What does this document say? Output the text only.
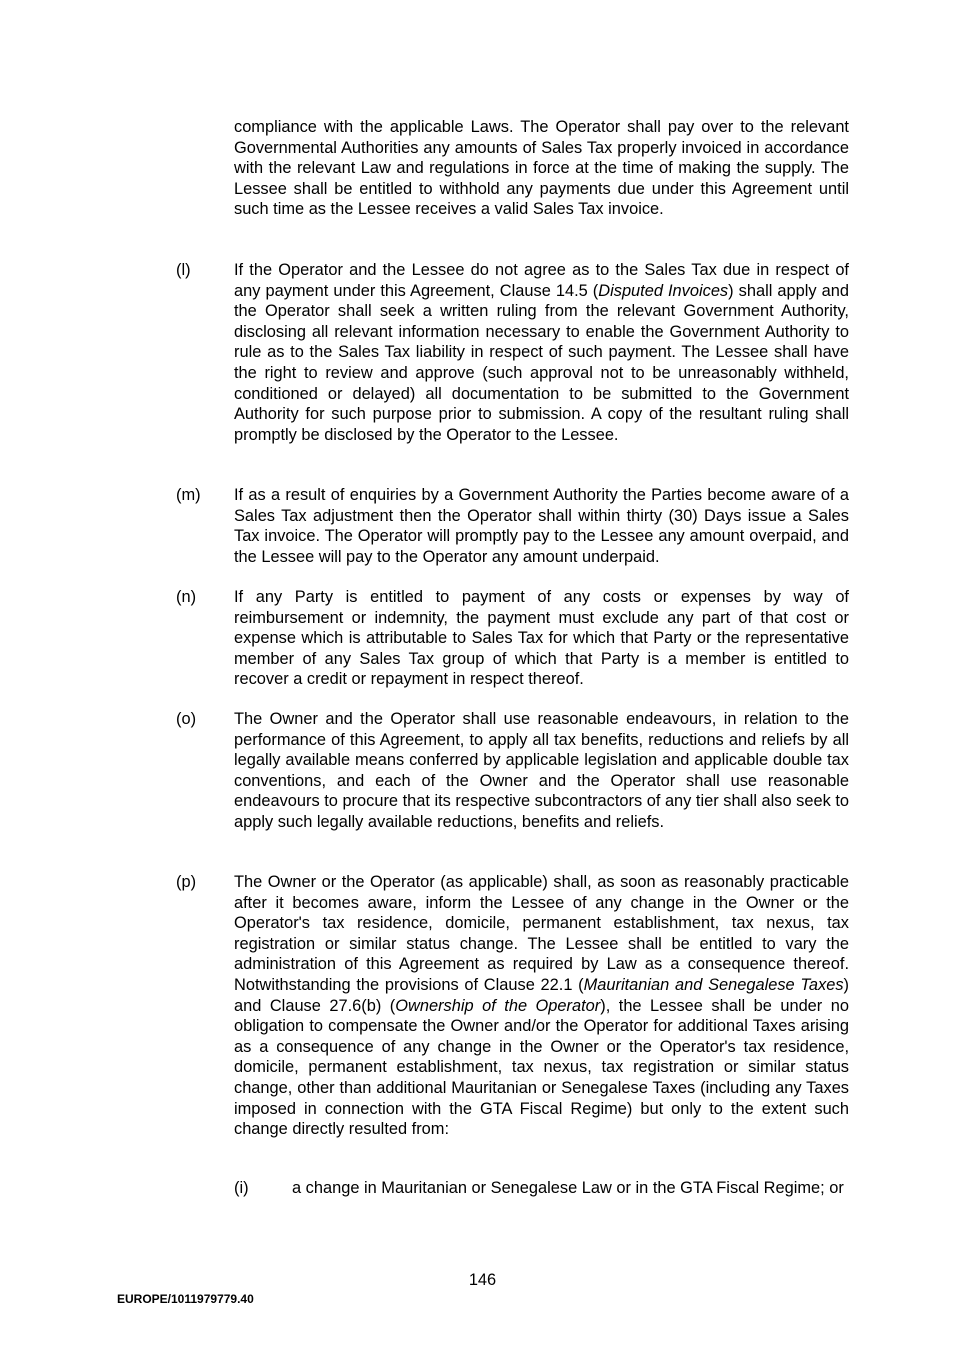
compliance with the applicable Laws. The Operator shall pay over to the relevant Governmental Authorities any amounts of Sales Tax properly invoiced in accordance with the relevant Law and regulations in force at the time of making the supply. The Lessee shall be entitled to withhold any payments due under this Agreement until such time as the Lessee receives a valid Sales Tax invoice.

(l)	If the Operator and the Lessee do not agree as to the Sales Tax due in respect of any payment under this Agreement, Clause 14.5 (Disputed Invoices) shall apply and the Operator shall seek a written ruling from the relevant Government Authority, disclosing all relevant information necessary to enable the Government Authority to rule as to the Sales Tax liability in respect of such payment. The Lessee shall have the right to review and approve (such approval not to be unreasonably withheld, conditioned or delayed) all documentation to be submitted to the Government Authority for such purpose prior to submission. A copy of the resultant ruling shall promptly be disclosed by the Operator to the Lessee.

(m) If as a result of enquiries by a Government Authority the Parties become aware of a Sales Tax adjustment then the Operator shall within thirty (30) Days issue a Sales Tax invoice. The Operator will promptly pay to the Lessee any amount overpaid, and the Lessee will pay to the Operator any amount underpaid.

(n) If any Party is entitled to payment of any costs or expenses by way of reimbursement or indemnity, the payment must exclude any part of that cost or expense which is attributable to Sales Tax for which that Party or the representative member of any Sales Tax group of which that Party is a member is entitled to recover a credit or repayment in respect thereof.

(o) The Owner and the Operator shall use reasonable endeavours, in relation to the performance of this Agreement, to apply all tax benefits, reductions and reliefs by all legally available means conferred by applicable legislation and applicable double tax conventions, and each of the Owner and the Operator shall use reasonable endeavours to procure that its respective subcontractors of any tier shall also seek to apply such legally available reductions, benefits and reliefs.

(p) The Owner or the Operator (as applicable) shall, as soon as reasonably practicable after it becomes aware, inform the Lessee of any change in the Owner or the Operator's tax residence, domicile, permanent establishment, tax nexus, tax registration or similar status change. The Lessee shall be entitled to vary the administration of this Agreement as required by Law as a consequence thereof. Notwithstanding the provisions of Clause 22.1 (Mauritanian and Senegalese Taxes) and Clause 27.6(b) (Ownership of the Operator), the Lessee shall be under no obligation to compensate the Owner and/or the Operator for additional Taxes arising as a consequence of any change in the Owner or the Operator's tax residence, domicile, permanent establishment, tax nexus, tax registration or similar status change, other than additional Mauritanian or Senegalese Taxes (including any Taxes imposed in connection with the GTA Fiscal Regime) but only to the extent such change directly resulted from:

(i)	a change in Mauritanian or Senegalese Law or in the GTA Fiscal Regime; or

146
EUROPE/1011979779.40
